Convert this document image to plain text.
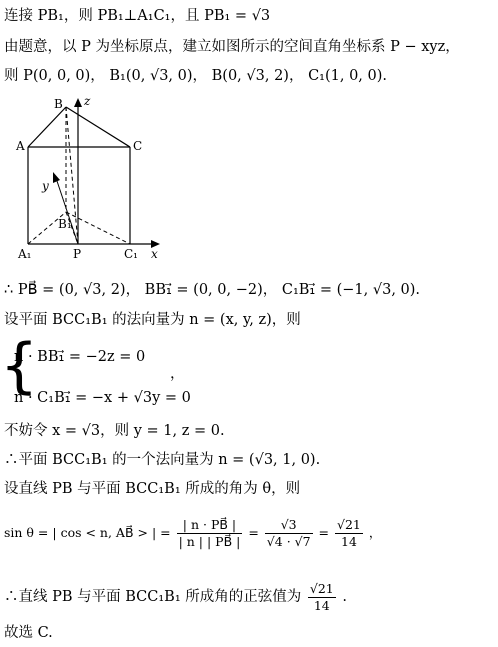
连接 PB₁，则 PB₁⊥A₁C₁，且 PB₁ = √3
由题意，以 P 为坐标原点，建立如图所示的空间直角坐标系 P − xyz，
则 P(0, 0, 0)， B₁(0, √3, 0)， B(0, √3, 2)， C₁(1, 0, 0).
B z
A	C
y
B₁
A₁	P	C₁ x
∴ PB⃗ = (0, √3, 2)， BB₁⃗ = (0, 0, −2)， C₁B₁⃗ = (−1, √3, 0).
设平面 BCC₁B₁ 的法向量为 n = (x, y, z)，则
{
n · BB₁⃗ = −2z = 0
n · C₁B₁⃗ = −x + √3y = 0
，
不妨令 x = √3，则 y = 1, z = 0.
∴平面 BCC₁B₁ 的一个法向量为 n = (√3, 1, 0).
设直线 PB 与平面 BCC₁B₁ 所成的角为 θ，则
sin θ = | cos < n, AB⃗ > | = $\frac{| n \cdot PB⃗ |}{| n | | PB⃗ |} = \frac{√3}{√4 \cdot √7} = \frac{√21}{14}$ ，
∴直线 PB 与平面 BCC₁B₁ 所成角的正弦值为 $\frac{√21}{14}$ .
故选 C.
